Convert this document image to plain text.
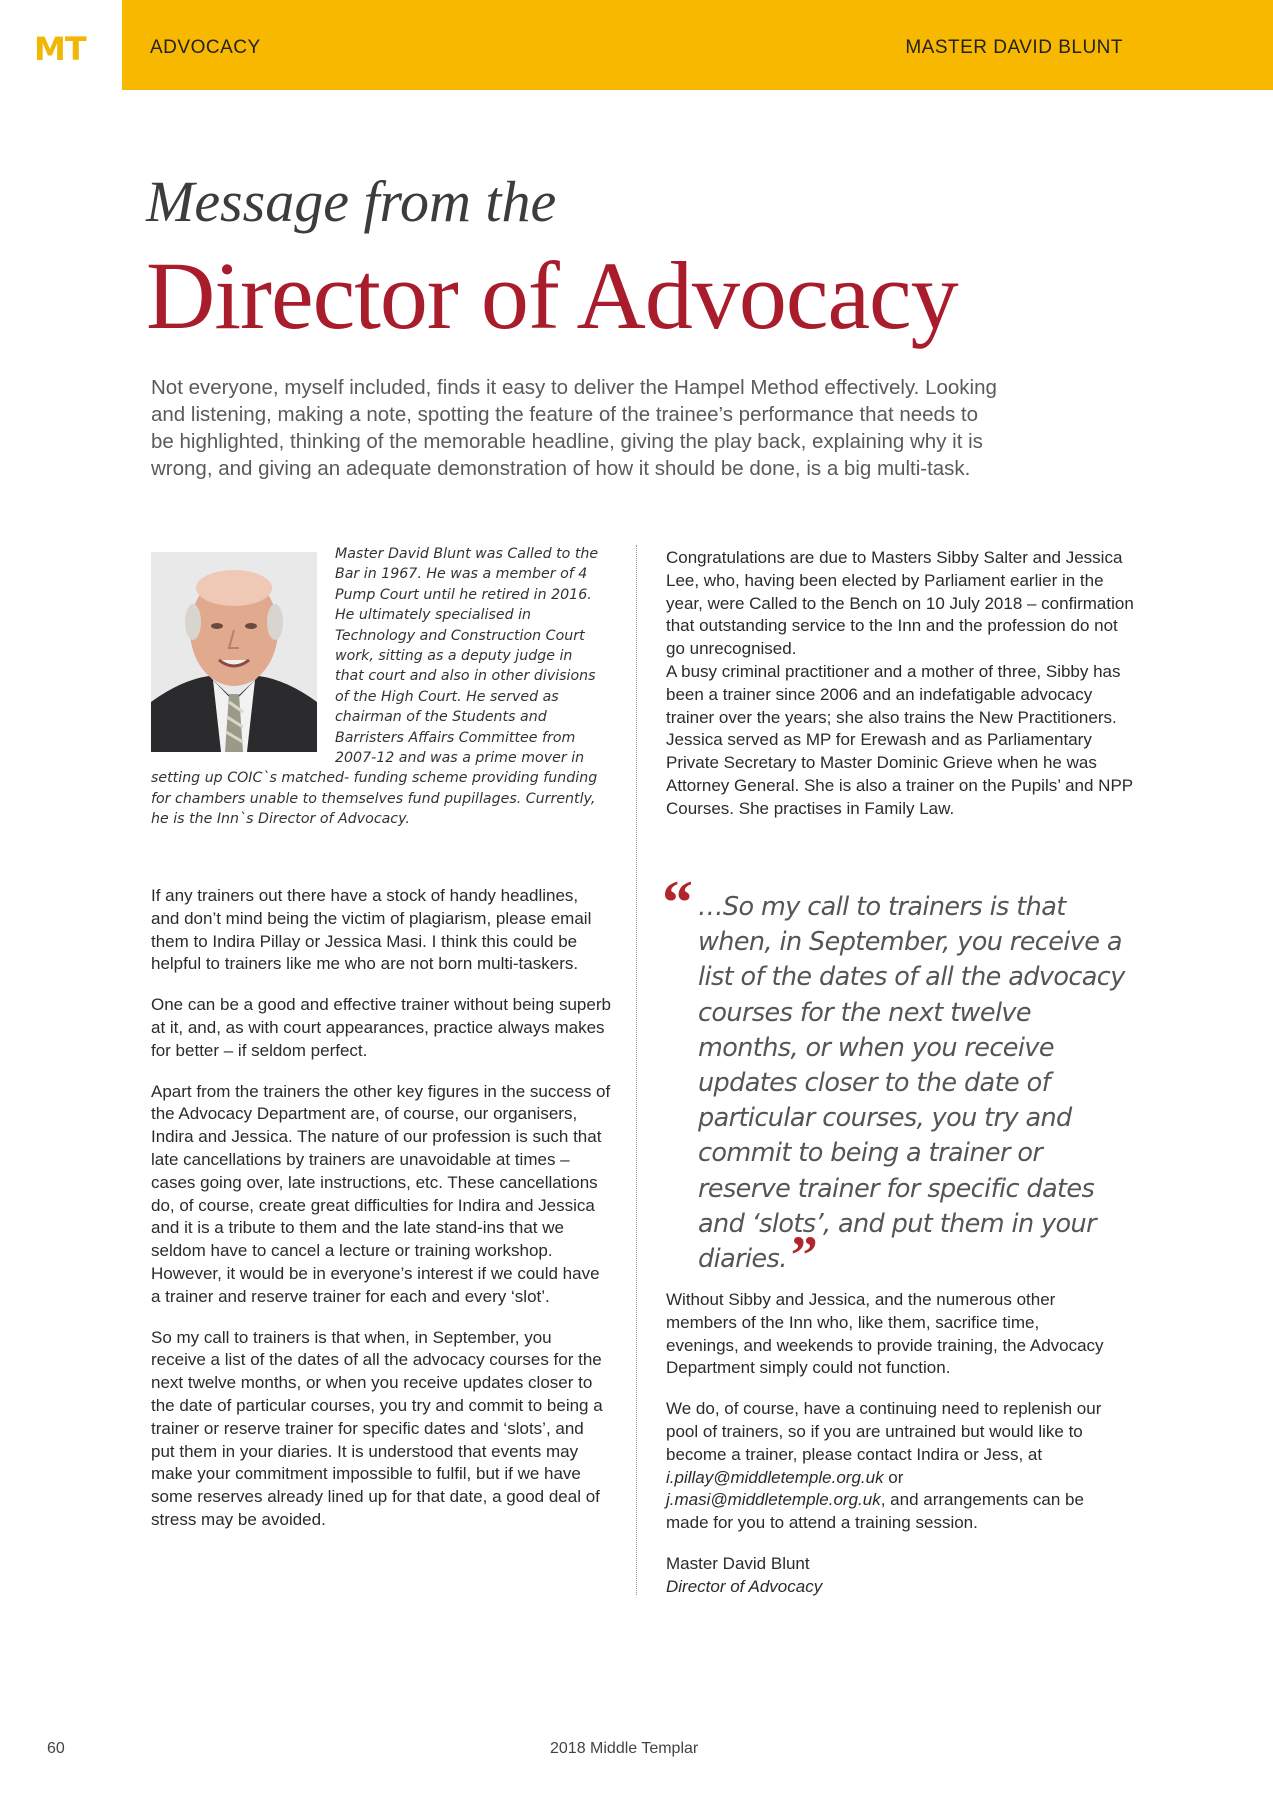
MT	ADVOCACY	MASTER DAVID BLUNT
Message from the
Director of Advocacy
Not everyone, myself included, finds it easy to deliver the Hampel Method effectively. Looking and listening, making a note, spotting the feature of the trainee’s performance that needs to be highlighted, thinking of the memorable headline, giving the play back, explaining why it is wrong, and giving an adequate demonstration of how it should be done, is a big multi-task.
Master David Blunt was Called to the Bar in 1967. He was a member of 4 Pump Court until he retired in 2016. He ultimately specialised in Technology and Construction Court work, sitting as a deputy judge in that court and also in other divisions of the High Court. He served as chairman of the Students and Barristers Affairs Committee from 2007-12 and was a prime mover in setting up COIC`s matched- funding scheme providing funding for chambers unable to themselves fund pupillages. Currently, he is the Inn`s Director of Advocacy.
Congratulations are due to Masters Sibby Salter and Jessica Lee, who, having been elected by Parliament earlier in the year, were Called to the Bench on 10 July 2018 – confirmation that outstanding service to the Inn and the profession do not go unrecognised.
A busy criminal practitioner and a mother of three, Sibby has been a trainer since 2006 and an indefatigable advocacy trainer over the years; she also trains the New Practitioners. Jessica served as MP for Erewash and as Parliamentary Private Secretary to Master Dominic Grieve when he was Attorney General. She is also a trainer on the Pupils’ and NPP Courses. She practises in Family Law.

If any trainers out there have a stock of handy headlines, and don’t mind being the victim of plagiarism, please email them to Indira Pillay or Jessica Masi. I think this could be helpful to trainers like me who are not born multi-taskers.

One can be a good and effective trainer without being superb at it, and, as with court appearances, practice always makes for better – if seldom perfect.

Apart from the trainers the other key figures in the success of the Advocacy Department are, of course, our organisers, Indira and Jessica. The nature of our profession is such that late cancellations by trainers are unavoidable at times – cases going over, late instructions, etc. These cancellations do, of course, create great difficulties for Indira and Jessica and it is a tribute to them and the late stand-ins that we seldom have to cancel a lecture or training workshop. However, it would be in everyone’s interest if we could have a trainer and reserve trainer for each and every ‘slot’.

So my call to trainers is that when, in September, you receive a list of the dates of all the advocacy courses for the next twelve months, or when you receive updates closer to the date of particular courses, you try and commit to being a trainer or reserve trainer for specific dates and ‘slots’, and put them in your diaries. It is understood that events may make your commitment impossible to fulfil, but if we have some reserves already lined up for that date, a good deal of stress may be avoided.

“ …So my call to trainers is that when, in September, you receive a list of the dates of all the advocacy courses for the next twelve months, or when you receive updates closer to the date of particular courses, you try and commit to being a trainer or reserve trainer for specific dates and ‘slots’, and put them in your diaries.”

Without Sibby and Jessica, and the numerous other members of the Inn who, like them, sacrifice time, evenings, and weekends to provide training, the Advocacy Department simply could not function.

We do, of course, have a continuing need to replenish our pool of trainers, so if you are untrained but would like to become a trainer, please contact Indira or Jess, at i.pillay@middletemple.org.uk or j.masi@middletemple.org.uk, and arrangements can be made for you to attend a training session.

Master David Blunt
Director of Advocacy
60	2018 Middle Templar
